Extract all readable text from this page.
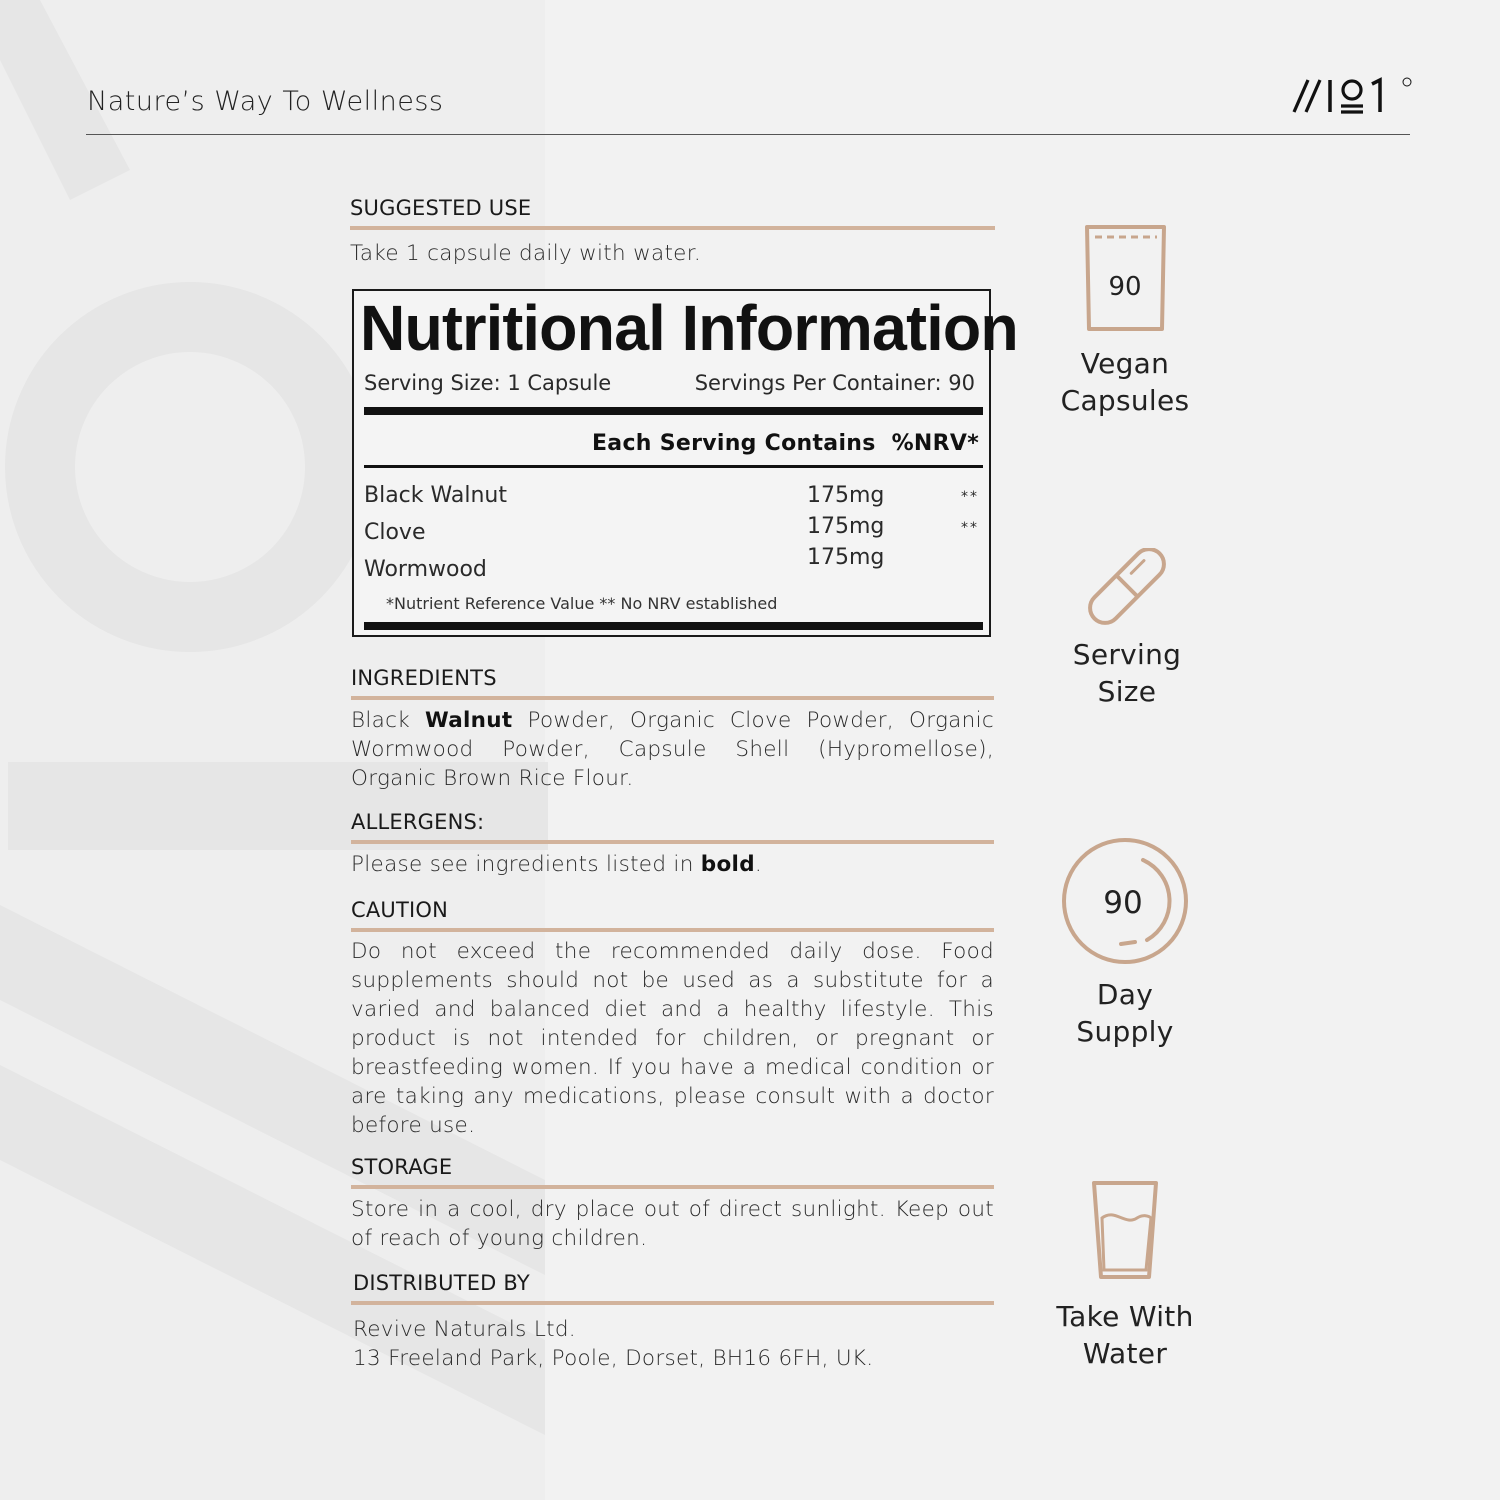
Nature’s Way To Wellness
SUGGESTED USE
Take 1 capsule daily with water.
Nutritional Information
Serving Size: 1 Capsule	Servings Per Container: 90
Each Serving Contains  %NRV*
Black Walnut	175mg	**
Clove	175mg	**
Wormwood	175mg
*Nutrient Reference Value ** No NRV established
INGREDIENTS
Black Walnut Powder, Organic Clove Powder, Organic Wormwood Powder, Capsule Shell (Hypromellose), Organic Brown Rice Flour.
ALLERGENS:
Please see ingredients listed in bold.
CAUTION
Do not exceed the recommended daily dose. Food supplements should not be used as a substitute for a varied and balanced diet and a healthy lifestyle. This product is not intended for children, or pregnant or breastfeeding women. If you have a medical condition or are taking any medications, please consult with a doctor before use.
STORAGE
Store in a cool, dry place out of direct sunlight. Keep out of reach of young children.
DISTRIBUTED BY
Revive Naturals Ltd.
13 Freeland Park, Poole, Dorset, BH16 6FH, UK.
90
Vegan
Capsules
Serving
Size
90
Day
Supply
Take With
Water
